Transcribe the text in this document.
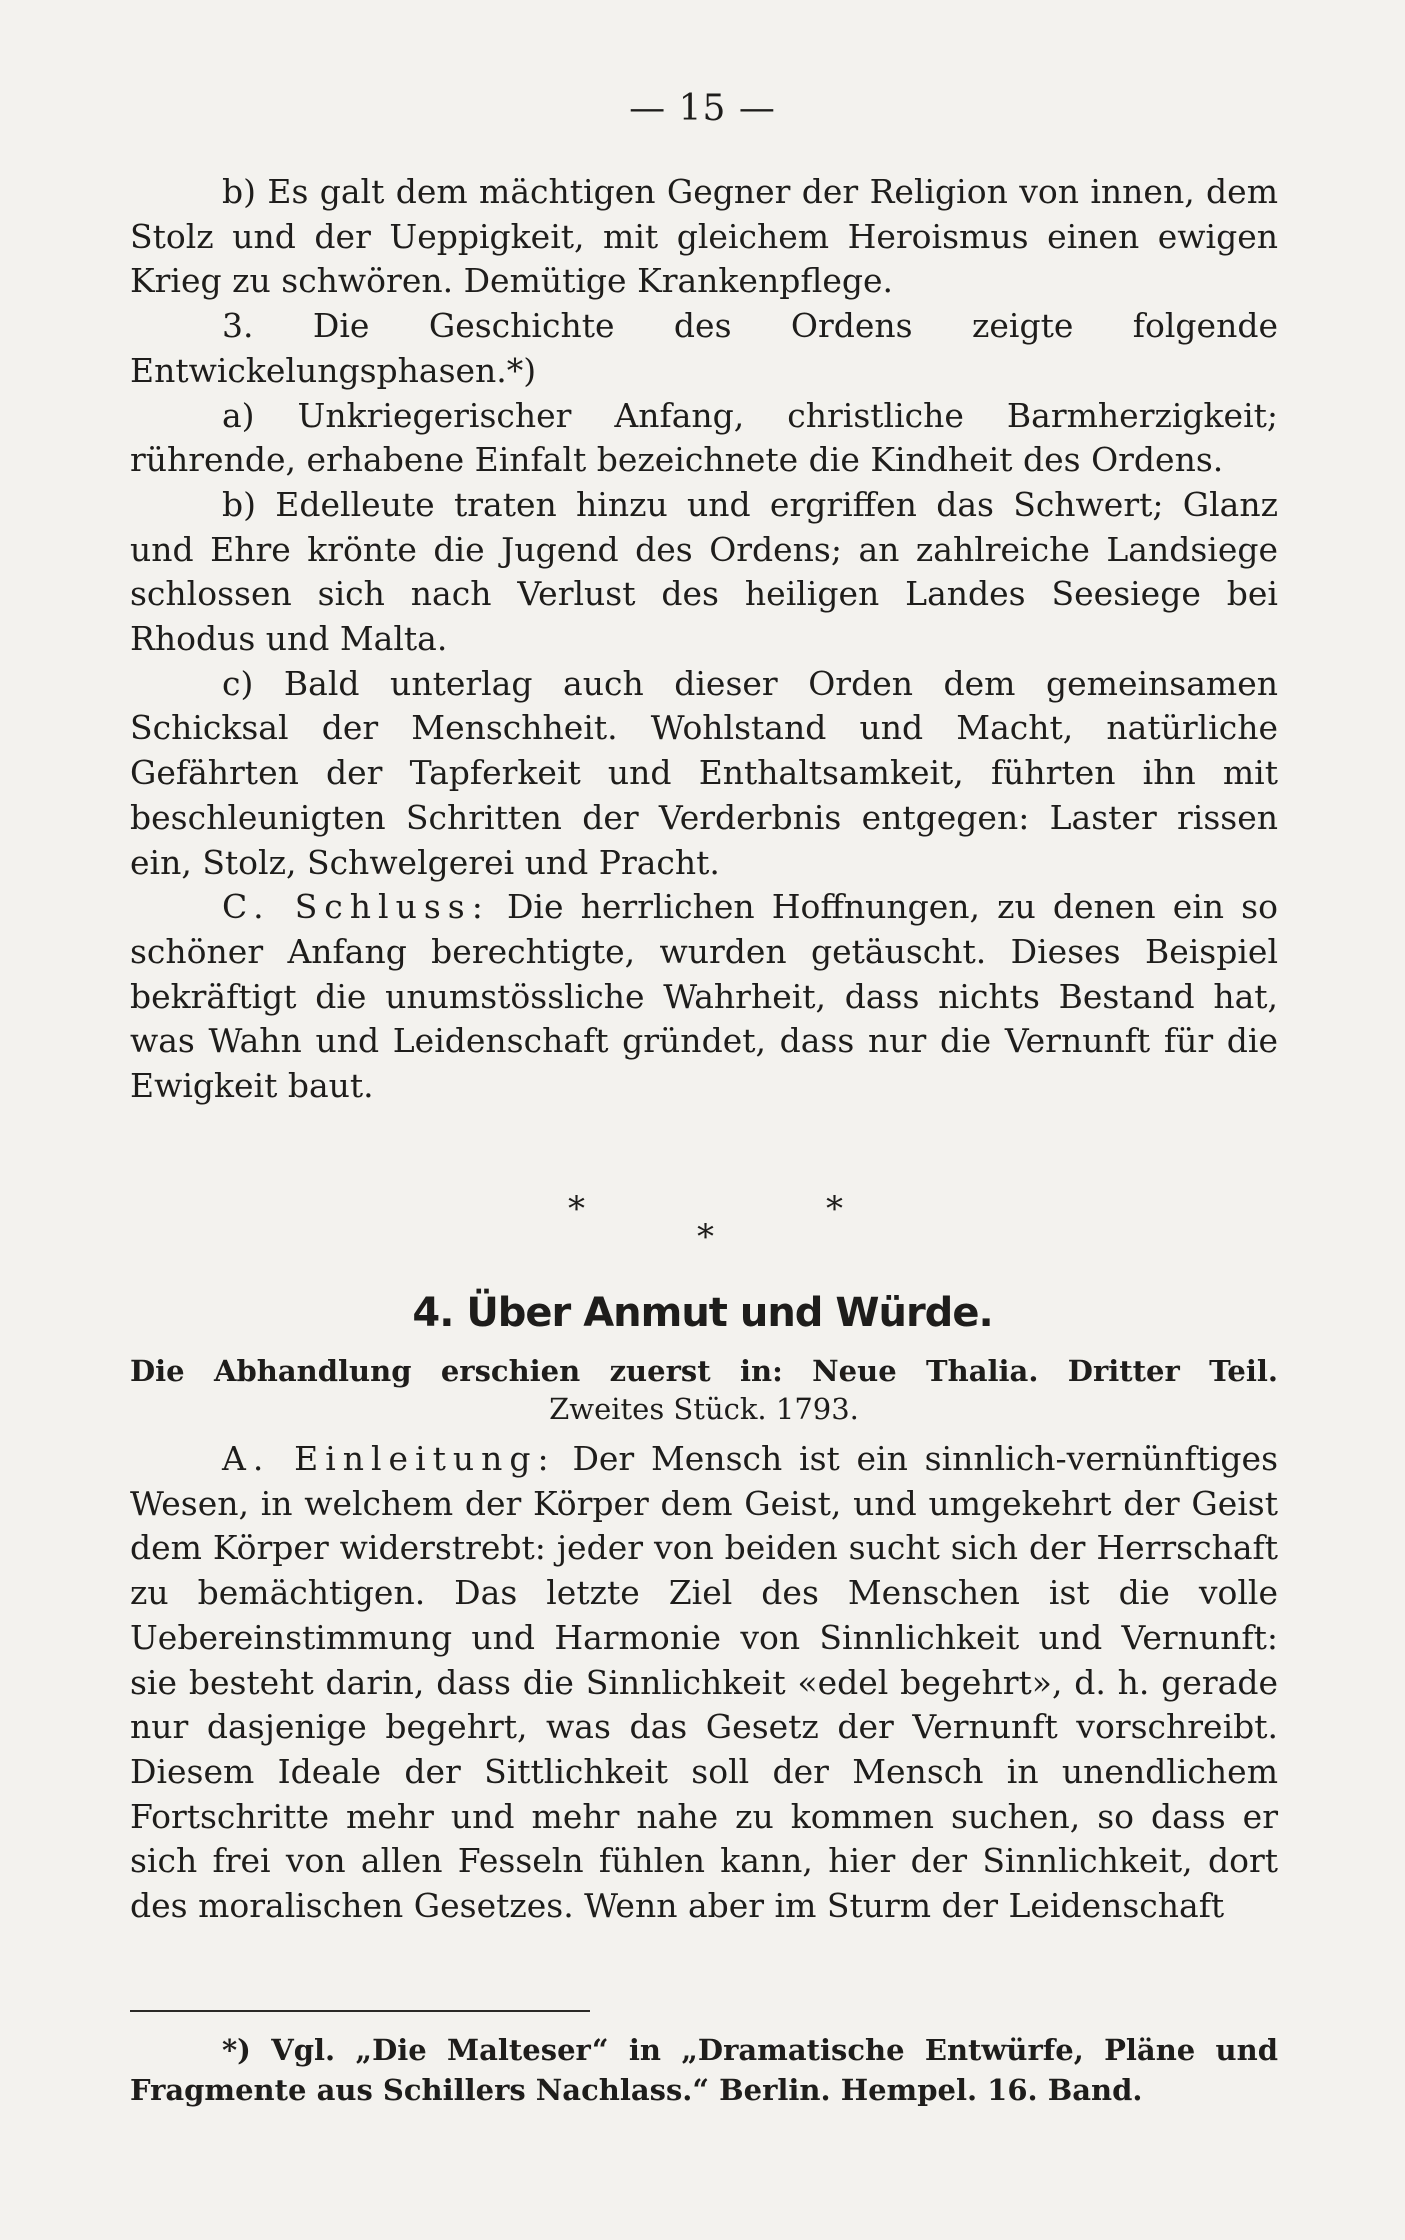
— 15 —

b) Es galt dem mächtigen Gegner der Religion von innen, dem Stolz und der Ueppigkeit, mit gleichem Heroismus einen ewigen Krieg zu schwören. Demütige Krankenpflege.

3. Die Geschichte des Ordens zeigte folgende Entwickelungsphasen.*)

a) Unkriegerischer Anfang, christliche Barmherzigkeit; rührende, erhabene Einfalt bezeichnete die Kindheit des Ordens.

b) Edelleute traten hinzu und ergriffen das Schwert; Glanz und Ehre krönte die Jugend des Ordens; an zahlreiche Landsiege schlossen sich nach Verlust des heiligen Landes Seesiege bei Rhodus und Malta.

c) Bald unterlag auch dieser Orden dem gemeinsamen Schicksal der Menschheit. Wohlstand und Macht, natürliche Gefährten der Tapferkeit und Enthaltsamkeit, führten ihn mit beschleunigten Schritten der Verderbnis entgegen: Laster rissen ein, Stolz, Schwelgerei und Pracht.

C. Schluss: Die herrlichen Hoffnungen, zu denen ein so schöner Anfang berechtigte, wurden getäuscht. Dieses Beispiel bekräftigt die unumstössliche Wahrheit, dass nichts Bestand hat, was Wahn und Leidenschaft gründet, dass nur die Vernunft für die Ewigkeit baut.

*	*
*
4. Über Anmut und Würde.
Die Abhandlung erschien zuerst in: Neue Thalia. Dritter Teil.
Zweites Stück. 1793.

A. Einleitung: Der Mensch ist ein sinnlich-vernünftiges Wesen, in welchem der Körper dem Geist, und umgekehrt der Geist dem Körper widerstrebt: jeder von beiden sucht sich der Herrschaft zu bemächtigen. Das letzte Ziel des Menschen ist die volle Uebereinstimmung und Harmonie von Sinnlichkeit und Vernunft: sie besteht darin, dass die Sinnlichkeit «edel begehrt», d. h. gerade nur dasjenige begehrt, was das Gesetz der Vernunft vorschreibt. Diesem Ideale der Sittlichkeit soll der Mensch in unendlichem Fortschritte mehr und mehr nahe zu kommen suchen, so dass er sich frei von allen Fesseln fühlen kann, hier der Sinnlichkeit, dort des moralischen Gesetzes. Wenn aber im Sturm der Leidenschaft

*) Vgl. „Die Malteser“ in „Dramatische Entwürfe, Pläne und Fragmente aus Schillers Nachlass.“ Berlin. Hempel. 16. Band.
